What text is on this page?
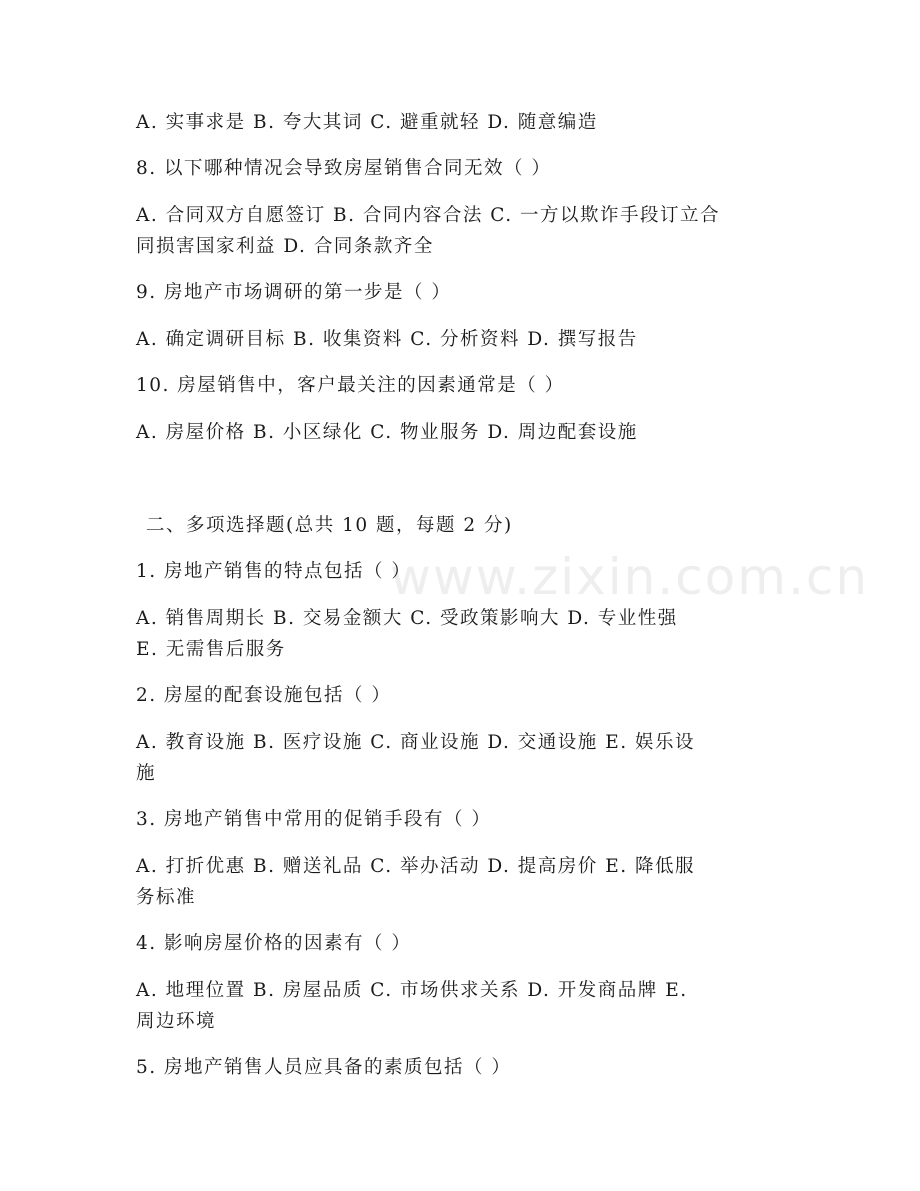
www.zixin.com.cn
A. 实事求是 B. 夸大其词 C. 避重就轻 D. 随意编造
8. 以下哪种情况会导致房屋销售合同无效（ ）
A. 合同双方自愿签订 B. 合同内容合法 C. 一方以欺诈手段订立合
同损害国家利益 D. 合同条款齐全
9. 房地产市场调研的第一步是（ ）
A. 确定调研目标 B. 收集资料 C. 分析资料 D. 撰写报告
10. 房屋销售中，客户最关注的因素通常是（ ）
A. 房屋价格 B. 小区绿化 C. 物业服务 D. 周边配套设施
二、多项选择题(总共 10 题，每题 2 分)
1. 房地产销售的特点包括（ ）
A. 销售周期长 B. 交易金额大 C. 受政策影响大 D. 专业性强
E. 无需售后服务
2. 房屋的配套设施包括（ ）
A. 教育设施 B. 医疗设施 C. 商业设施 D. 交通设施 E. 娱乐设
施
3. 房地产销售中常用的促销手段有（ ）
A. 打折优惠 B. 赠送礼品 C. 举办活动 D. 提高房价 E. 降低服
务标准
4. 影响房屋价格的因素有（ ）
A. 地理位置 B. 房屋品质 C. 市场供求关系 D. 开发商品牌 E.
周边环境
5. 房地产销售人员应具备的素质包括（ ）
